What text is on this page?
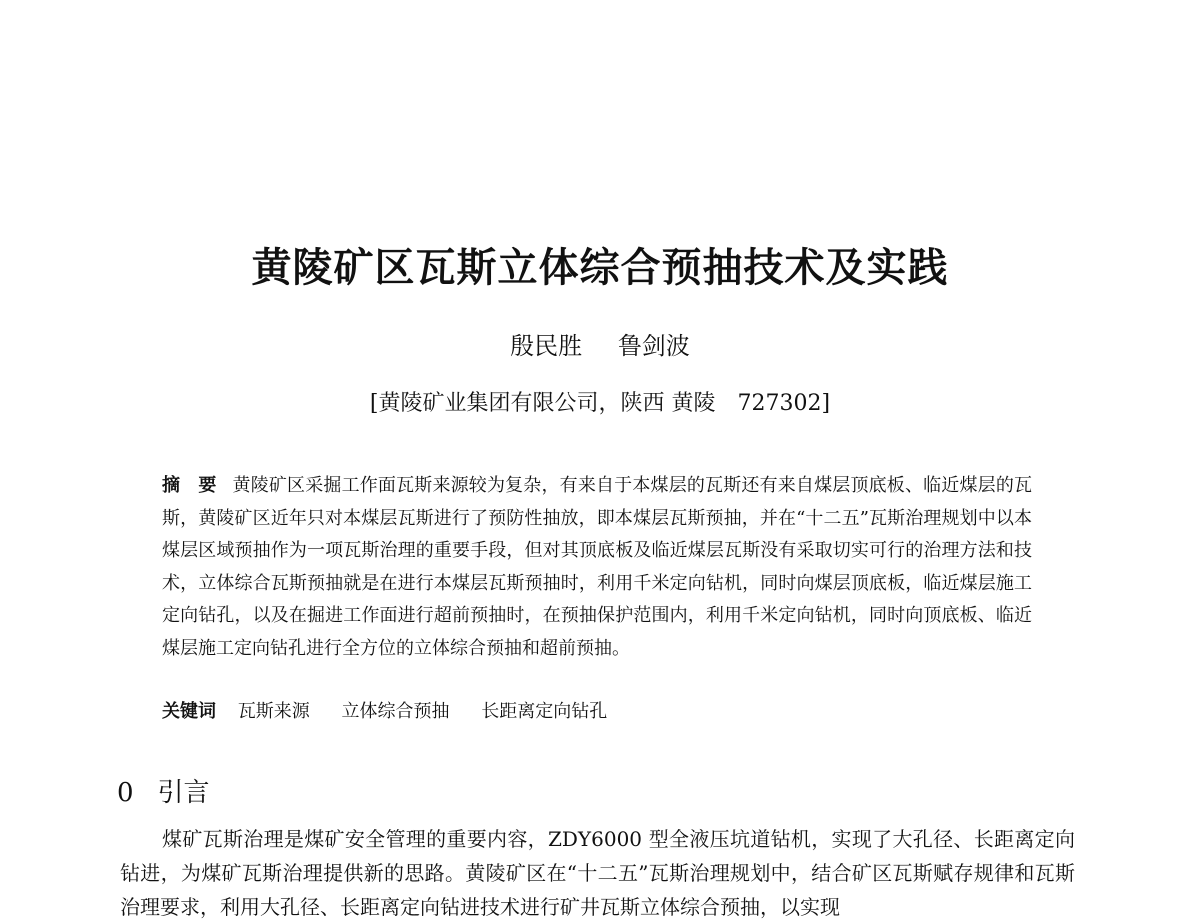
黄陵矿区瓦斯立体综合预抽技术及实践
殷民胜 鲁剑波
[黄陵矿业集团有限公司，陕西 黄陵　727302]
摘　要 黄陵矿区采掘工作面瓦斯来源较为复杂，有来自于本煤层的瓦斯还有来自煤层顶底板、临近煤层的瓦斯，黄陵矿区近年只对本煤层瓦斯进行了预防性抽放，即本煤层瓦斯预抽，并在“十二五”瓦斯治理规划中以本煤层区域预抽作为一项瓦斯治理的重要手段，但对其顶底板及临近煤层瓦斯没有采取切实可行的治理方法和技术，立体综合瓦斯预抽就是在进行本煤层瓦斯预抽时，利用千米定向钻机，同时向煤层顶底板，临近煤层施工定向钻孔，以及在掘进工作面进行超前预抽时，在预抽保护范围内，利用千米定向钻机，同时向顶底板、临近煤层施工定向钻孔进行全方位的立体综合预抽和超前预抽。
关键词 瓦斯来源 立体综合预抽 长距离定向钻孔
0 引言
煤矿瓦斯治理是煤矿安全管理的重要内容，ZDY6000 型全液压坑道钻机，实现了大孔径、长距离定向钻进，为煤矿瓦斯治理提供新的思路。黄陵矿区在“十二五”瓦斯治理规划中，结合矿区瓦斯赋存规律和瓦斯治理要求，利用大孔径、长距离定向钻进技术进行矿井瓦斯立体综合预抽，以实现
